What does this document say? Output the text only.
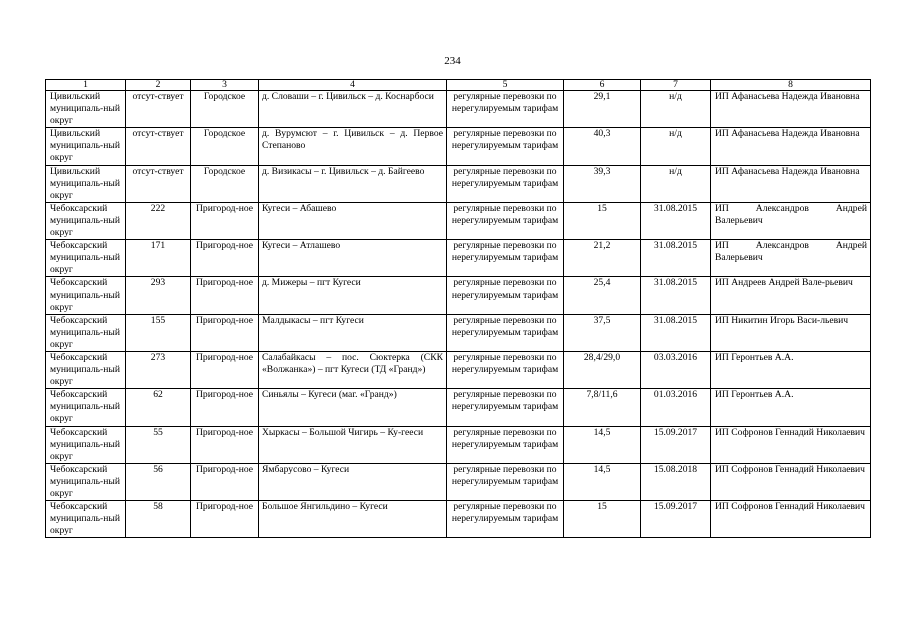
234
1	2	3	4	5	6	7	8
Цивильский муниципаль-ный округ	отсут-ствует	Городское	д. Словаши – г. Цивильск – д. Коснарбоси	регулярные перевозки по нерегулируемым тарифам	29,1	н/д	ИП Афанасьева Надежда Ивановна
Цивильский муниципаль-ный округ	отсут-ствует	Городское	д. Вурумсют – г. Цивильск – д. Первое Степаново	регулярные перевозки по нерегулируемым тарифам	40,3	н/д	ИП Афанасьева Надежда Ивановна
Цивильский муниципаль-ный округ	отсут-ствует	Городское	д. Визикасы – г. Цивильск – д. Байгеево	регулярные перевозки по нерегулируемым тарифам	39,3	н/д	ИП Афанасьева Надежда Ивановна
Чебоксарский муниципаль-ный округ	222	Пригород-ное	Кугеси – Абашево	регулярные перевозки по нерегулируемым тарифам	15	31.08.2015	ИП Александров Андрей Валерьевич
Чебоксарский муниципаль-ный округ	171	Пригород-ное	Кугеси – Атлашево	регулярные перевозки по нерегулируемым тарифам	21,2	31.08.2015	ИП Александров Андрей Валерьевич
Чебоксарский муниципаль-ный округ	293	Пригород-ное	д. Мижеры – пгт Кугеси	регулярные перевозки по нерегулируемым тарифам	25,4	31.08.2015	ИП Андреев Андрей Вале-рьевич
Чебоксарский муниципаль-ный округ	155	Пригород-ное	Малдыкасы – пгт Кугеси	регулярные перевозки по нерегулируемым тарифам	37,5	31.08.2015	ИП Никитин Игорь Васи-льевич
Чебоксарский муниципаль-ный округ	273	Пригород-ное	Салабайкасы – пос. Сюктерка (СКК «Волжанка») – пгт Кугеси (ТД «Гранд»)	регулярные перевозки по нерегулируемым тарифам	28,4/29,0	03.03.2016	ИП Геронтьев А.А.
Чебоксарский муниципаль-ный округ	62	Пригород-ное	Синьялы – Кугеси (маг. «Гранд»)	регулярные перевозки по нерегулируемым тарифам	7,8/11,6	01.03.2016	ИП Геронтьев А.А.
Чебоксарский муниципаль-ный округ	55	Пригород-ное	Хыркасы – Большой Чигирь – Ку-гееси	регулярные перевозки по нерегулируемым тарифам	14,5	15.09.2017	ИП Софронов Геннадий Николаевич
Чебоксарский муниципаль-ный округ	56	Пригород-ное	Ямбарусово – Кугеси	регулярные перевозки по нерегулируемым тарифам	14,5	15.08.2018	ИП Софронов Геннадий Николаевич
Чебоксарский муниципаль-ный округ	58	Пригород-ное	Большое Янгильдино – Кугеси	регулярные перевозки по нерегулируемым тарифам	15	15.09.2017	ИП Софронов Геннадий Николаевич
